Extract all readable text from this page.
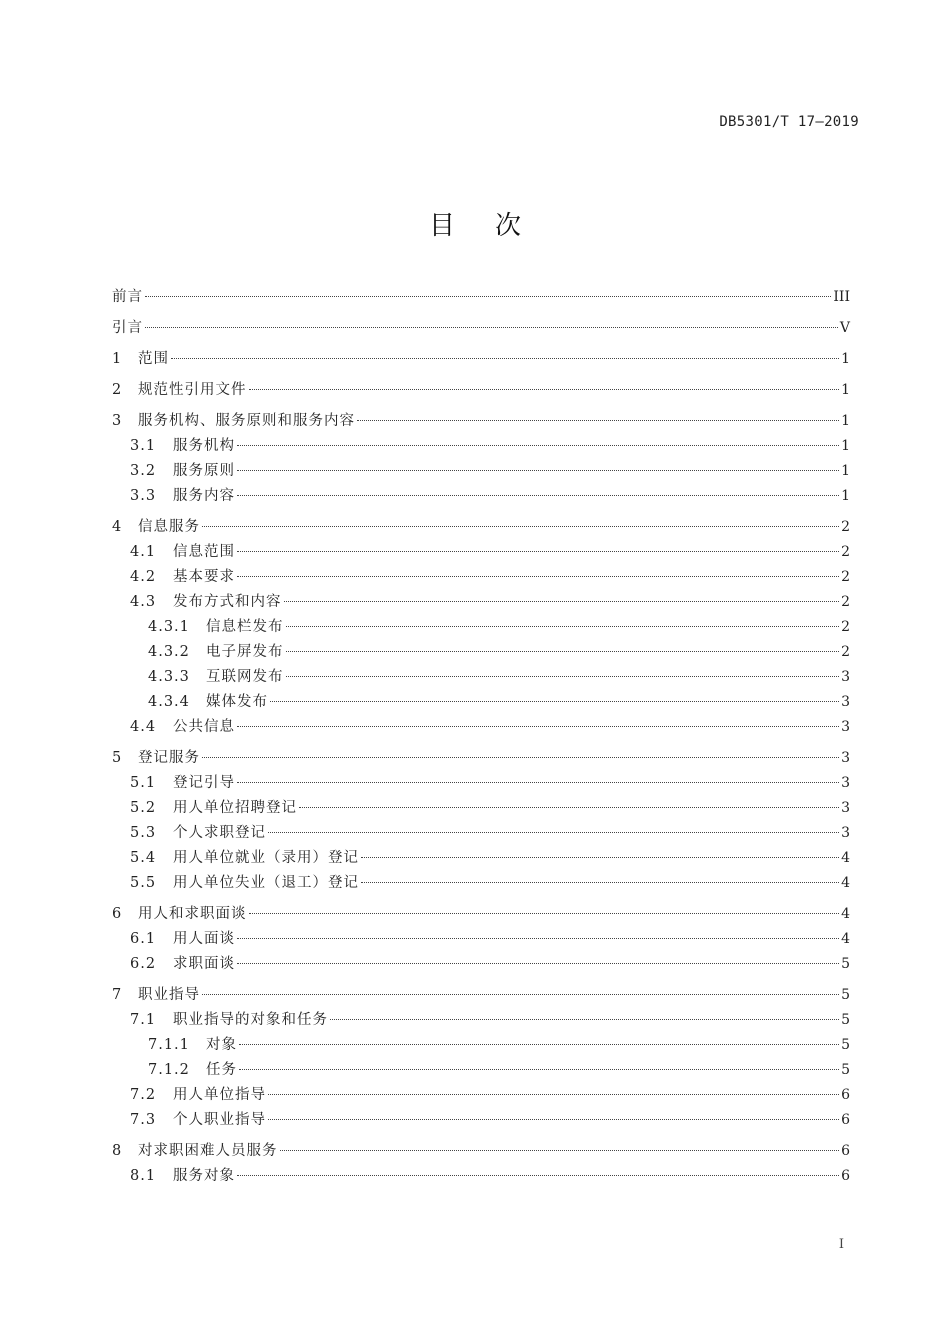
DB5301/T 17—2019
目次
前言	III
引言	V
1	范围	1
2	规范性引用文件	1
3	服务机构、服务原则和服务内容	1
3.1	服务机构	1
3.2	服务原则	1
3.3	服务内容	1
4	信息服务	2
4.1	信息范围	2
4.2	基本要求	2
4.3	发布方式和内容	2
4.3.1	信息栏发布	2
4.3.2	电子屏发布	2
4.3.3	互联网发布	3
4.3.4	媒体发布	3
4.4	公共信息	3
5	登记服务	3
5.1	登记引导	3
5.2	用人单位招聘登记	3
5.3	个人求职登记	3
5.4	用人单位就业（录用）登记	4
5.5	用人单位失业（退工）登记	4
6	用人和求职面谈	4
6.1	用人面谈	4
6.2	求职面谈	5
7	职业指导	5
7.1	职业指导的对象和任务	5
7.1.1	对象	5
7.1.2	任务	5
7.2	用人单位指导	6
7.3	个人职业指导	6
8	对求职困难人员服务	6
8.1	服务对象	6
I
